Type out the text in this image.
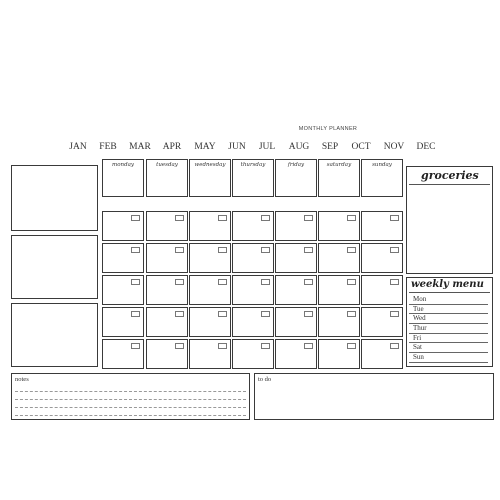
MONTHLY PLANNER
JAN	FEB	MAR	APR	MAY	JUN	JUL	AUG	SEP	OCT	NOV	DEC
monday	tuesday	wednesday	thursday	friday	saturday	sunday
groceries
weekly menu
Mon
Tue
Wed
Thur
Fri
Sat
Sun
notes	to do
